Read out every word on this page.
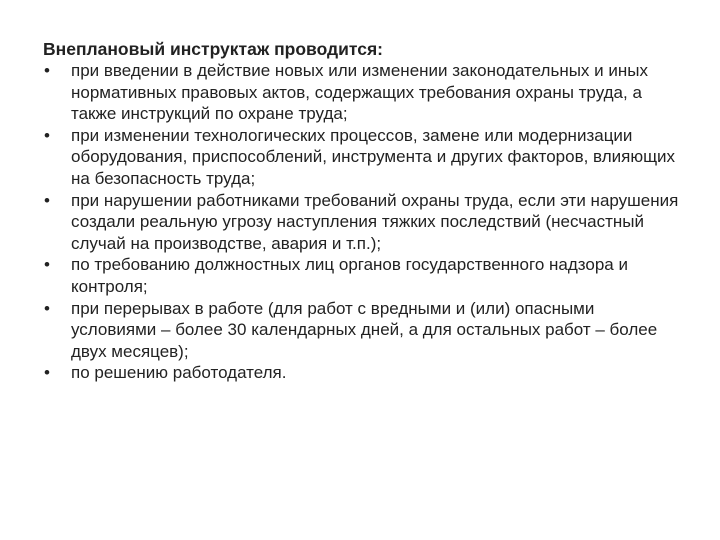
Внеплановый инструктаж проводится:
• при введении в действие новых или изменении законодательных и иных нормативных правовых актов, содержащих требования охраны труда, а также инструкций по охране труда;
• при изменении технологических процессов, замене или модернизации оборудования, приспособлений, инструмента и других факторов, влияющих на безопасность труда;
• при нарушении работниками требований охраны труда, если эти нарушения создали реальную угрозу наступления тяжких последствий (несчастный случай на производстве, авария и т.п.);
• по требованию должностных лиц органов государственного надзора и контроля;
• при перерывах в работе (для работ с вредными и (или) опасными условиями – более 30 календарных дней, а для остальных работ – более двух месяцев);
• по решению работодателя.
